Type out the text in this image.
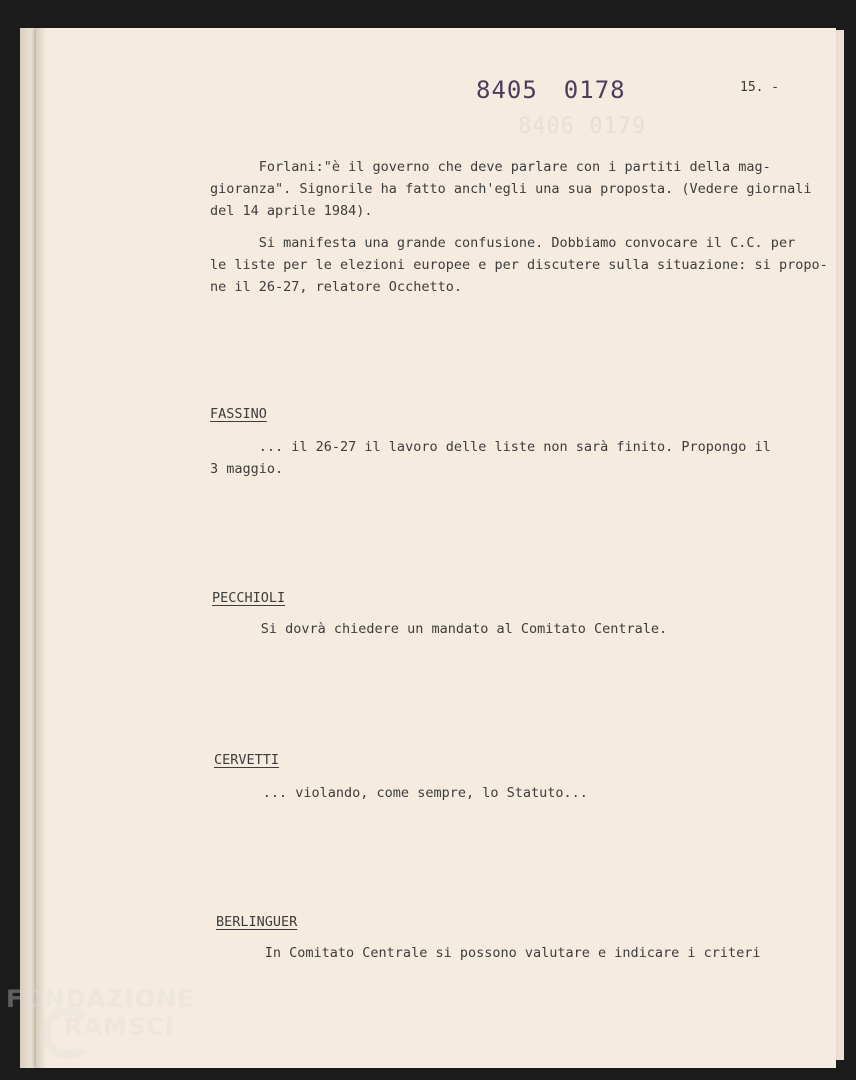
8406 0179
8405 0178	15. -
Forlani:"è il governo che deve parlare con i partiti della mag-
gioranza". Signorile ha fatto anch'egli una sua proposta. (Vedere giornali
del 14 aprile 1984).
Si manifesta una grande confusione. Dobbiamo convocare il C.C. per
le liste per le elezioni europee e per discutere sulla situazione: si propo-
ne il 26-27, relatore Occhetto.
FASSINO
... il 26-27 il lavoro delle liste non sarà finito. Propongo il
3 maggio.
PECCHIOLI
Si dovrà chiedere un mandato al Comitato Centrale.
CERVETTI
... violando, come sempre, lo Statuto...
BERLINGUER
In Comitato Centrale si possono valutare e indicare i criteri
FONDAZIONE
RAMSCI
